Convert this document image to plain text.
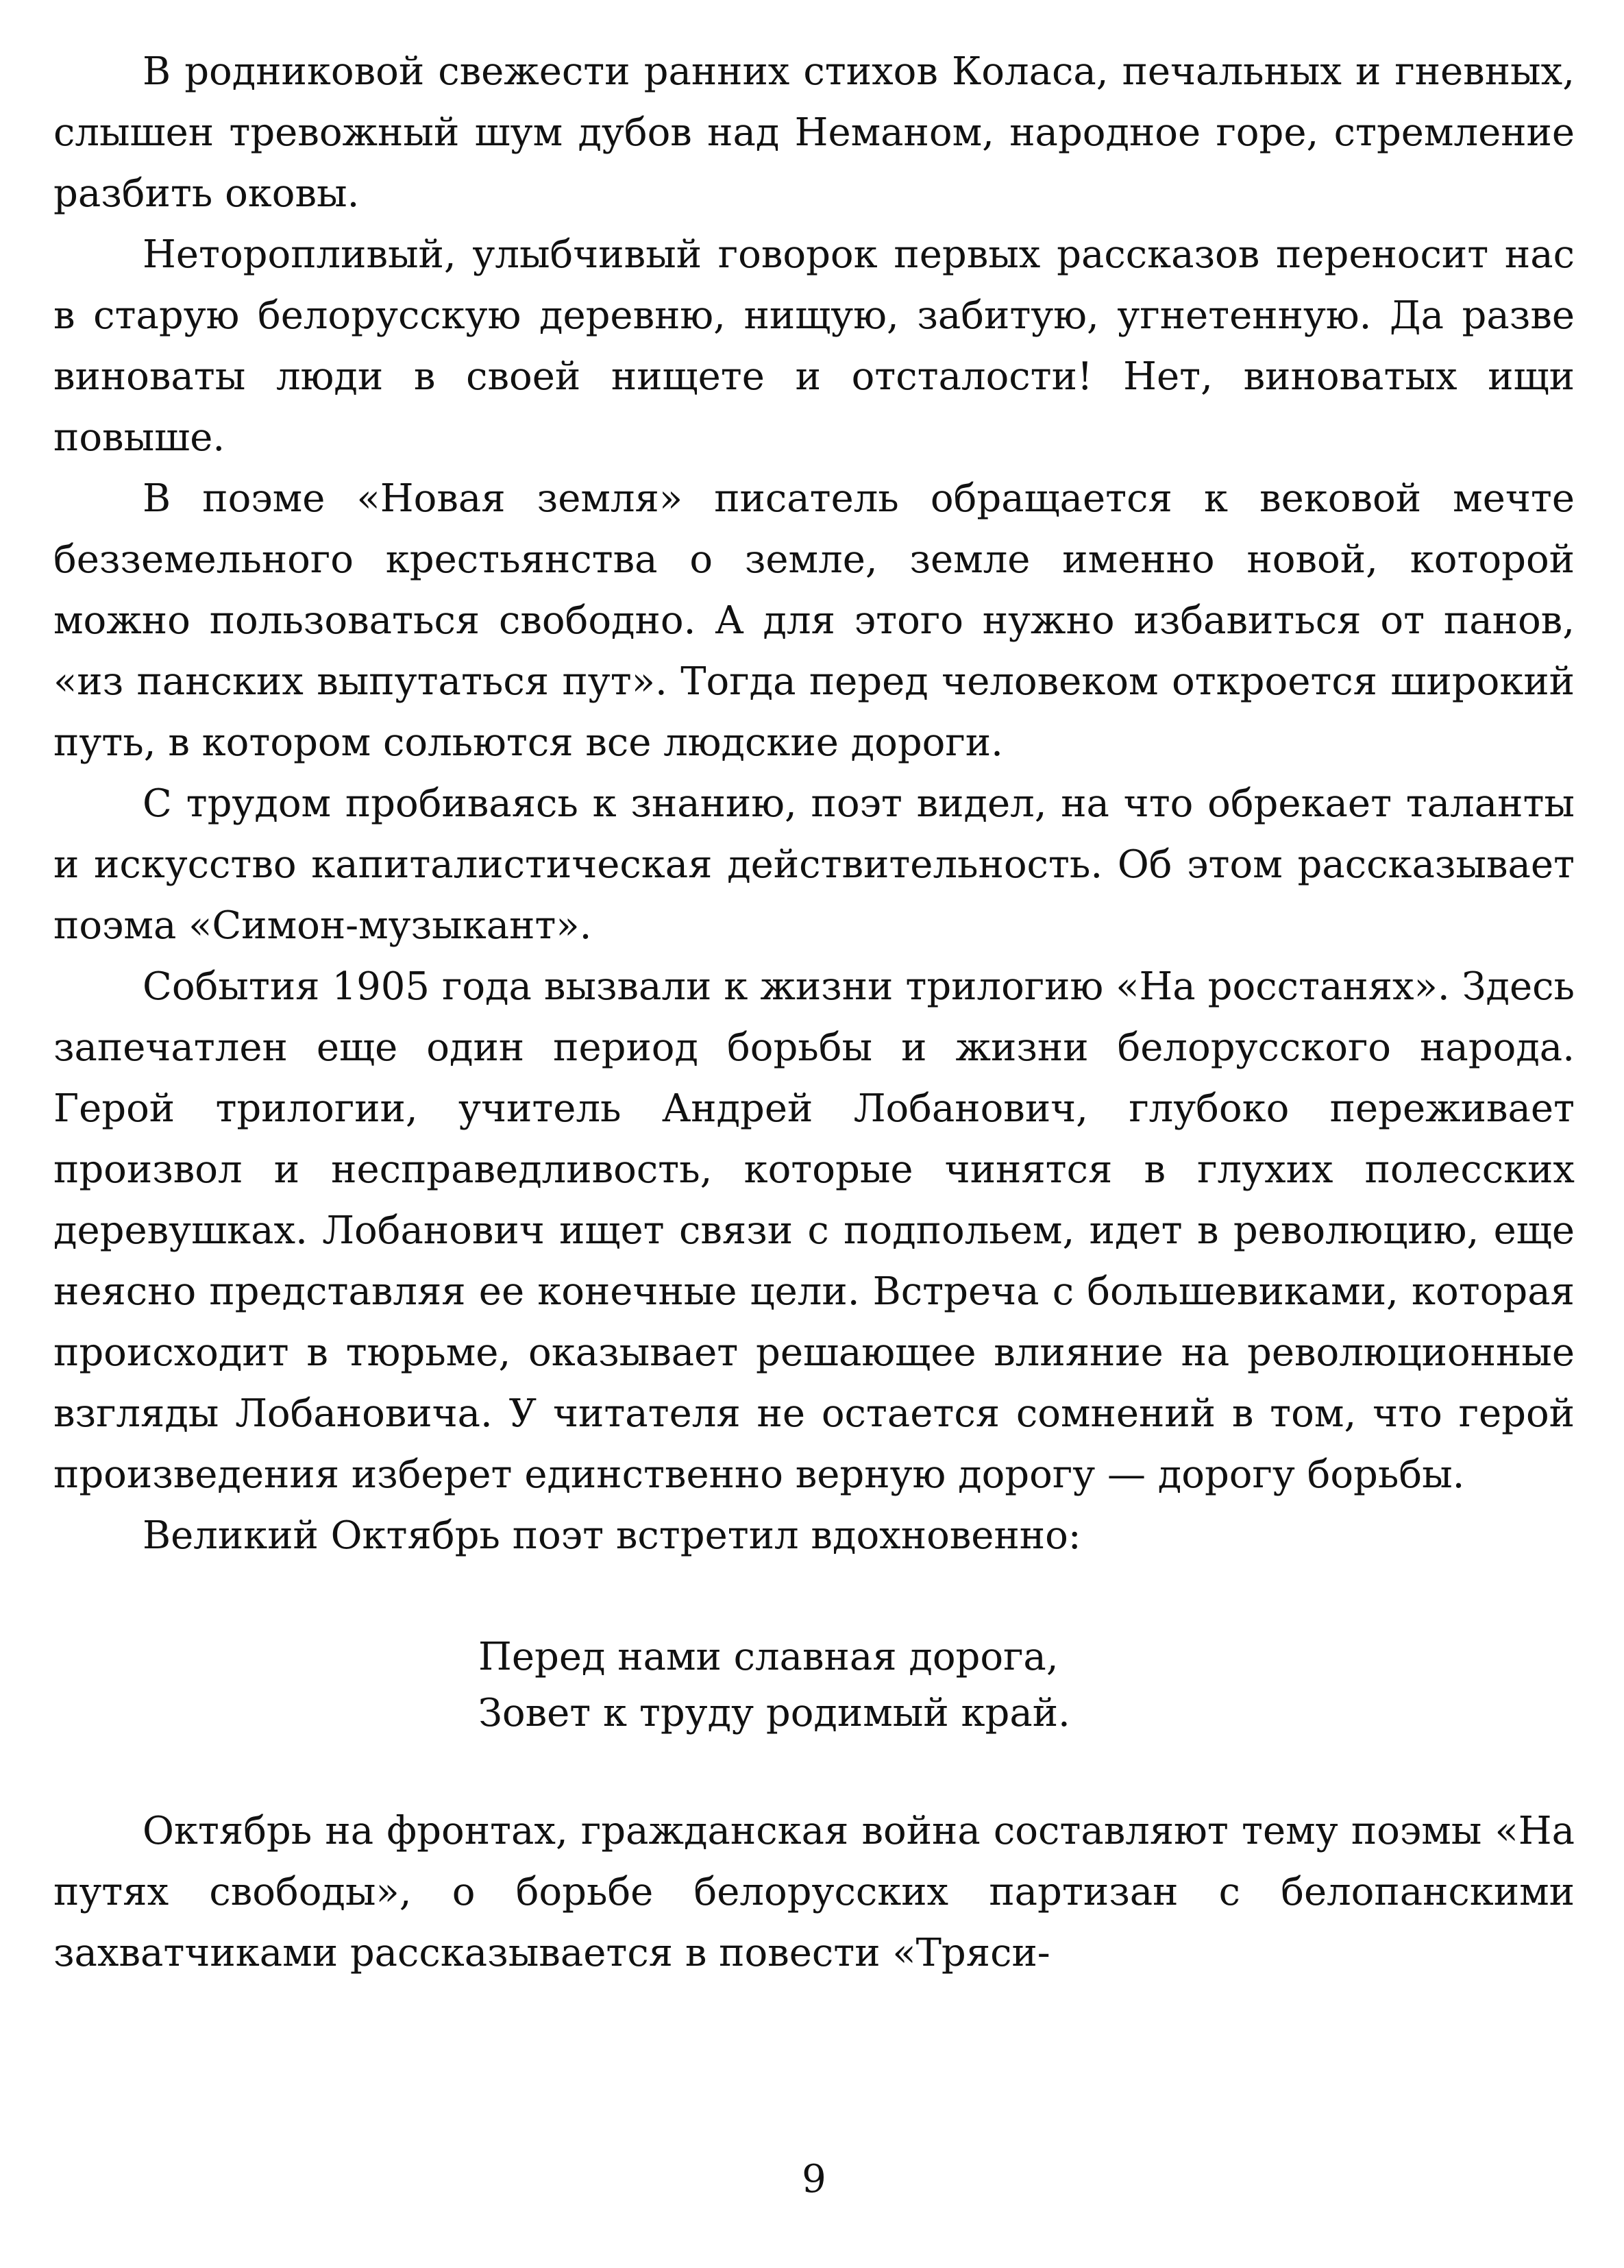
В родниковой свежести ранних стихов Коласа, печальных и гневных, слышен тревожный шум дубов над Неманом, народное горе, стремление разбить оковы.

Неторопливый, улыбчивый говорок первых рассказов переносит нас в старую белорусскую деревню, нищую, забитую, угнетенную. Да разве виноваты люди в своей нищете и отсталости! Нет, виноватых ищи повыше.

В поэме «Новая земля» писатель обращается к вековой мечте безземельного крестьянства о земле, земле именно новой, которой можно пользоваться свободно. А для этого нужно избавиться от панов, «из панских выпутаться пут». Тогда перед человеком откроется широкий путь, в котором сольются все людские дороги.

С трудом пробиваясь к знанию, поэт видел, на что обрекает таланты и искусство капиталистическая действительность. Об этом рассказывает поэма «Симон-музыкант».

События 1905 года вызвали к жизни трилогию «На росстанях». Здесь запечатлен еще один период борьбы и жизни белорусского народа. Герой трилогии, учитель Андрей Лобанович, глубоко переживает произвол и несправедливость, которые чинятся в глухих полесских деревушках. Лобанович ищет связи с подпольем, идет в революцию, еще неясно представляя ее конечные цели. Встреча с большевиками, которая происходит в тюрьме, оказывает решающее влияние на революционные взгляды Лобановича. У читателя не остается сомнений в том, что герой произведения изберет единственно верную дорогу — дорогу борьбы.

Великий Октябрь поэт встретил вдохновенно:

Перед нами славная дорога,
Зовет к труду родимый край.

Октябрь на фронтах, гражданская война составляют тему поэмы «На путях свободы», о борьбе белорусских партизан с белопанскими захватчиками рассказывается в повести «Тряси-

9
